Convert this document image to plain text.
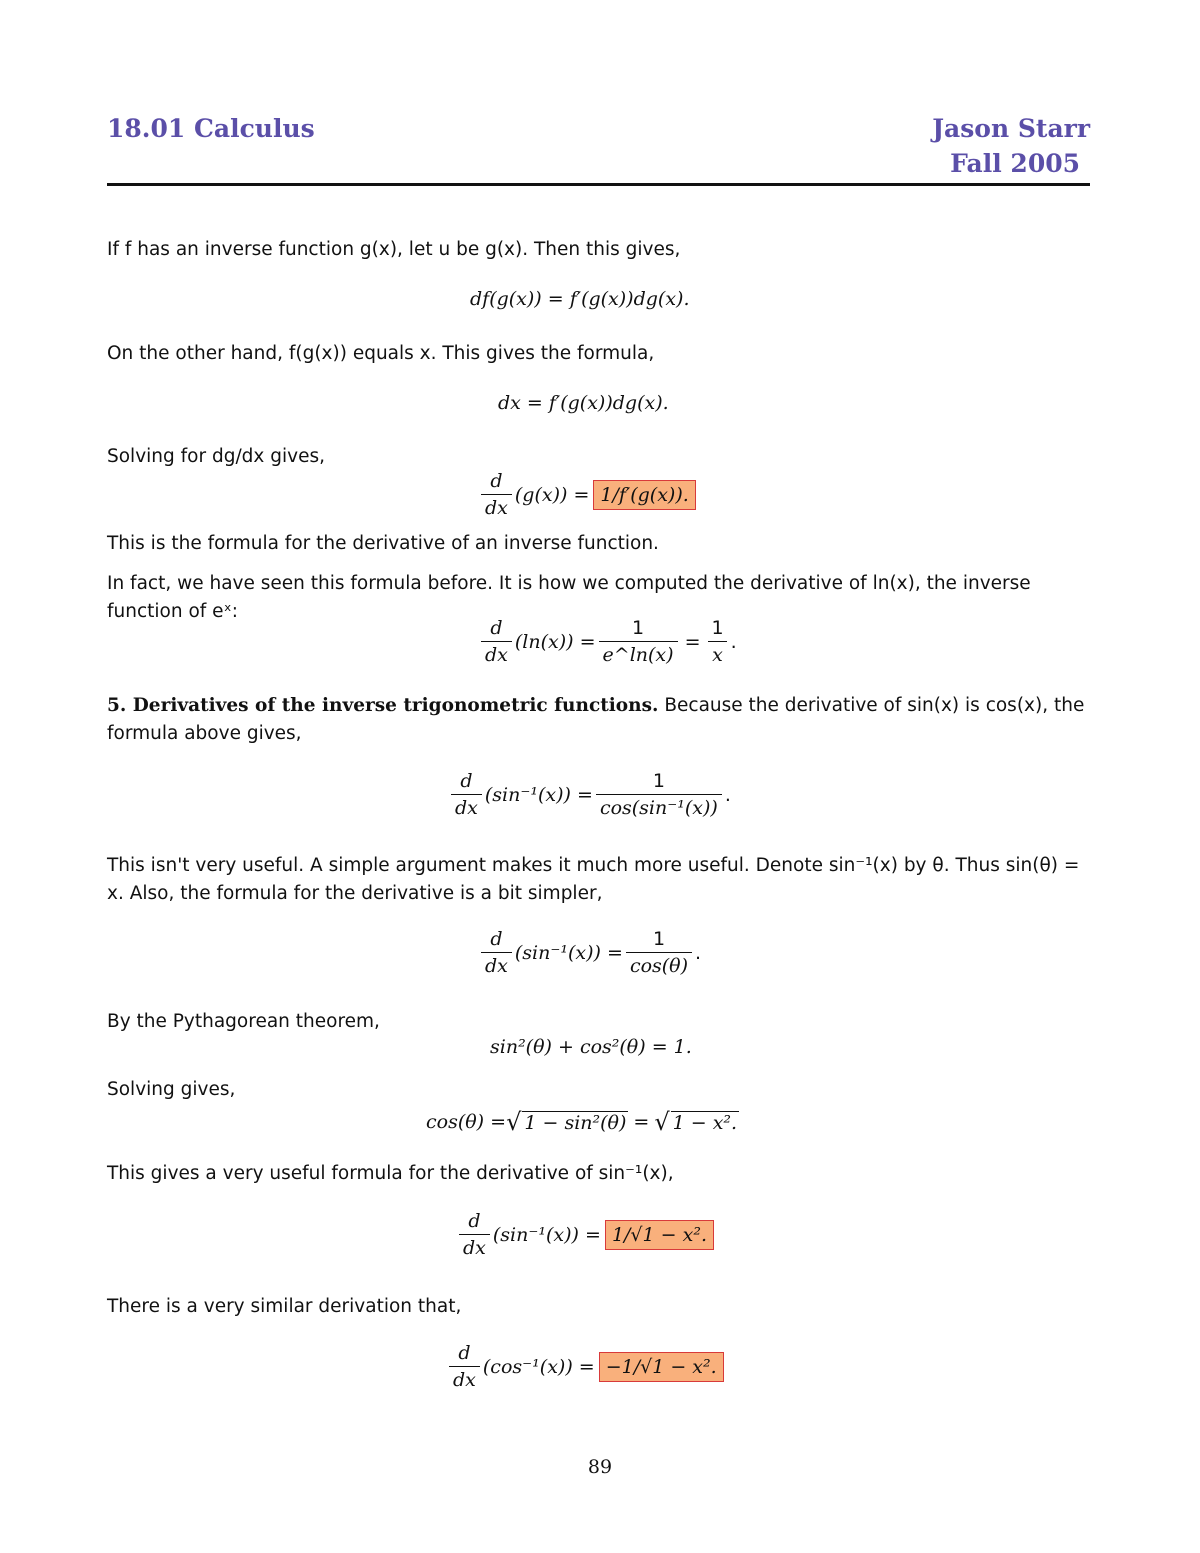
18.01 Calculus	Jason Starr
Fall 2005
If f has an inverse function g(x), let u be g(x). Then this gives,
df(g(x)) = f′(g(x))dg(x).
On the other hand, f(g(x)) equals x. This gives the formula,
dx = f′(g(x))dg(x).
Solving for dg/dx gives,
$\frac{d}{dx} (g(x)) = 1/f'(g(x))$.
This is the formula for the derivative of an inverse function.
In fact, we have seen this formula before. It is how we computed the derivative of ln(x), the inverse function of eˣ:
$\frac{d}{dx} (\ln(x)) = \frac{1}{e\^{}\ln(x)} = \frac{1}{x}$ .
5. Derivatives of the inverse trigonometric functions. Because the derivative of sin(x) is cos(x), the formula above gives,
$\frac{d}{dx} (\sin^{-1}(x)) = \frac{1}{\text{cos(sin⁻¹(x))}}$ .
This isn't very useful. A simple argument makes it much more useful. Denote sin⁻¹(x) by θ. Thus sin(θ) = x. Also, the formula for the derivative is a bit simpler,
$\frac{d}{dx} (\sin^{-1}(x)) = \frac{1}{\cos(\theta)}$ .
By the Pythagorean theorem,
sin²(θ) + cos²(θ) = 1.
Solving gives,
cos(θ) = √ 1 − sin²(θ) = √ 1 − x².
This gives a very useful formula for the derivative of sin⁻¹(x),
$\frac{d}{dx} (\sin^{-1}(x)) = 1/√1 - x^2$.
There is a very similar derivation that,
$\frac{d}{dx} (\cos^{-1}(x)) = -1/√1 - x^2$.
89
